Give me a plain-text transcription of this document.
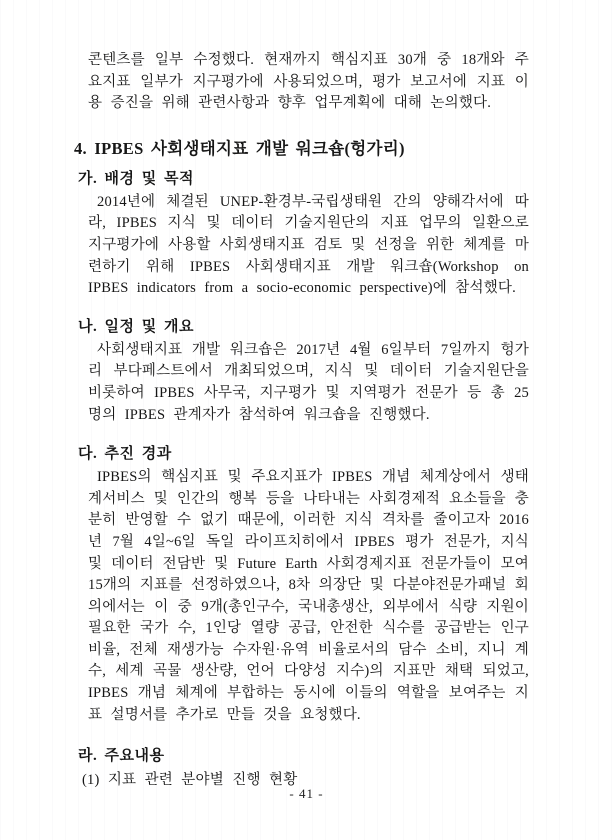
콘텐츠를 일부 수정했다. 현재까지 핵심지표 30개 중 18개와 주요지표 일부가 지구평가에 사용되었으며, 평가 보고서에 지표 이용 증진을 위해 관련사항과 향후 업무계획에 대해 논의했다.

4. IPBES 사회생태지표 개발 워크숍(헝가리)
가. 배경 및 목적

2014년에 체결된 UNEP-환경부-국립생태원 간의 양해각서에 따라, IPBES 지식 및 데이터 기술지원단의 지표 업무의 일환으로 지구평가에 사용할 사회생태지표 검토 및 선정을 위한 체계를 마련하기 위해 IPBES 사회생태지표 개발 워크숍(Workshop on IPBES indicators from a socio-economic perspective)에 참석했다.

나. 일정 및 개요

사회생태지표 개발 워크숍은 2017년 4월 6일부터 7일까지 헝가리 부다페스트에서 개최되었으며, 지식 및 데이터 기술지원단을 비롯하여 IPBES 사무국, 지구평가 및 지역평가 전문가 등 총 25명의 IPBES 관계자가 참석하여 워크숍을 진행했다.

다. 추진 경과

IPBES의 핵심지표 및 주요지표가 IPBES 개념 체계상에서 생태계서비스 및 인간의 행복 등을 나타내는 사회경제적 요소들을 충분히 반영할 수 없기 때문에, 이러한 지식 격차를 줄이고자 2016년 7월 4일~6일 독일 라이프치히에서 IPBES 평가 전문가, 지식 및 데이터 전담반 및 Future Earth 사회경제지표 전문가들이 모여 15개의 지표를 선정하였으나, 8차 의장단 및 다분야전문가패널 회의에서는 이 중 9개(총인구수, 국내총생산, 외부에서 식량 지원이 필요한 국가 수, 1인당 열량 공급, 안전한 식수를 공급받는 인구 비율, 전체 재생가능 수자원·유역 비율로서의 담수 소비, 지니 계수, 세계 곡물 생산량, 언어 다양성 지수)의 지표만 채택 되었고, IPBES 개념 체계에 부합하는 동시에 이들의 역할을 보여주는 지표 설명서를 추가로 만들 것을 요청했다.

라. 주요내용
(1) 지표 관련 분야별 진행 현황
- 41 -
